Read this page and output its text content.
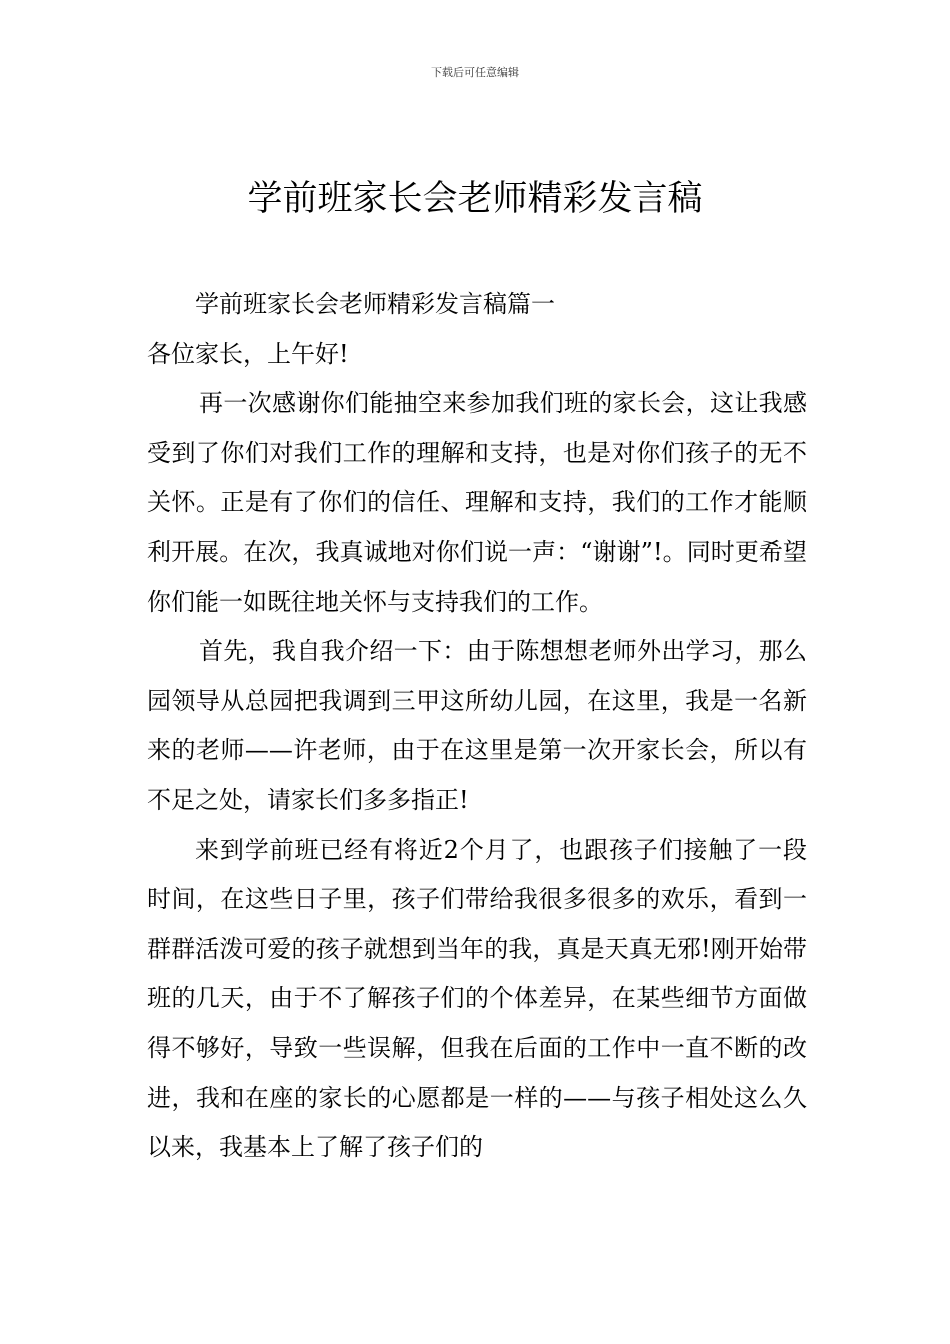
下载后可任意编辑
学前班家长会老师精彩发言稿

学前班家长会老师精彩发言稿篇一

各位家长，上午好!

再一次感谢你们能抽空来参加我们班的家长会，这让我感受到了你们对我们工作的理解和支持，也是对你们孩子的无不关怀。正是有了你们的信任、理解和支持，我们的工作才能顺利开展。在次，我真诚地对你们说一声：“谢谢”!。同时更希望你们能一如既往地关怀与支持我们的工作。

首先，我自我介绍一下：由于陈想想老师外出学习，那么园领导从总园把我调到三甲这所幼儿园，在这里，我是一名新来的老师——许老师，由于在这里是第一次开家长会，所以有不足之处，请家长们多多指正!

来到学前班已经有将近2个月了，也跟孩子们接触了一段时间，在这些日子里，孩子们带给我很多很多的欢乐，看到一群群活泼可爱的孩子就想到当年的我，真是天真无邪!刚开始带班的几天，由于不了解孩子们的个体差异，在某些细节方面做得不够好，导致一些误解，但我在后面的工作中一直不断的改进，我和在座的家长的心愿都是一样的——与孩子相处这么久以来，我基本上了解了孩子们的
